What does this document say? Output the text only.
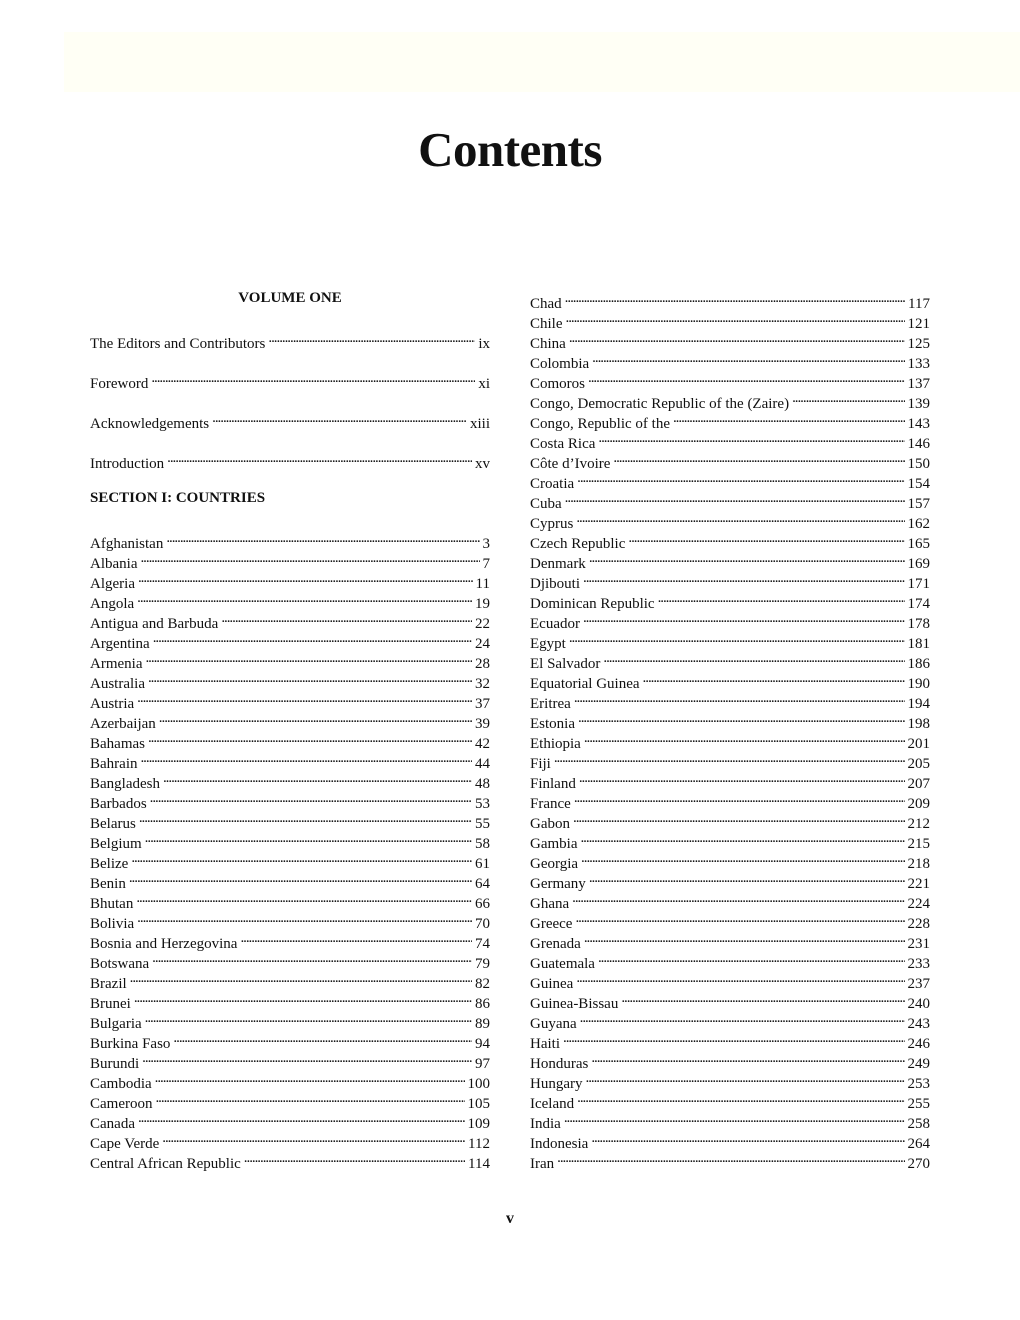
Contents
VOLUME ONE
The Editors and Contributors . . .	ix
Foreword . . .	xi
Acknowledgements . . .	xiii
Introduction . . .	xv
SECTION I: COUNTRIES
Afghanistan . . .	3
Albania . . .	7
Algeria . . .	11
Angola . . .	19
Antigua and Barbuda . . .	22
Argentina . . .	24
Armenia . . .	28
Australia . . .	32
Austria . . .	37
Azerbaijan . . .	39
Bahamas . . .	42
Bahrain . . .	44
Bangladesh . . .	48
Barbados . . .	53
Belarus . . .	55
Belgium . . .	58
Belize . . .	61
Benin . . .	64
Bhutan . . .	66
Bolivia . . .	70
Bosnia and Herzegovina . . .	74
Botswana . . .	79
Brazil . . .	82
Brunei . . .	86
Bulgaria . . .	89
Burkina Faso . . .	94
Burundi . . .	97
Cambodia . . .	100
Cameroon . . .	105
Canada . . .	109
Cape Verde . . .	112
Central African Republic . . .	114
Chad . . .	117
Chile . . .	121
China . . .	125
Colombia . . .	133
Comoros . . .	137
Congo, Democratic Republic of the (Zaire) . . .	139
Congo, Republic of the . . .	143
Costa Rica . . .	146
Côte d’Ivoire . . .	150
Croatia . . .	154
Cuba . . .	157
Cyprus . . .	162
Czech Republic . . .	165
Denmark . . .	169
Djibouti . . .	171
Dominican Republic . . .	174
Ecuador . . .	178
Egypt . . .	181
El Salvador . . .	186
Equatorial Guinea . . .	190
Eritrea . . .	194
Estonia . . .	198
Ethiopia . . .	201
Fiji . . .	205
Finland . . .	207
France . . .	209
Gabon . . .	212
Gambia . . .	215
Georgia . . .	218
Germany . . .	221
Ghana . . .	224
Greece . . .	228
Grenada . . .	231
Guatemala . . .	233
Guinea . . .	237
Guinea-Bissau . . .	240
Guyana . . .	243
Haiti . . .	246
Honduras . . .	249
Hungary . . .	253
Iceland . . .	255
India . . .	258
Indonesia . . .	264
Iran . . .	270
v
